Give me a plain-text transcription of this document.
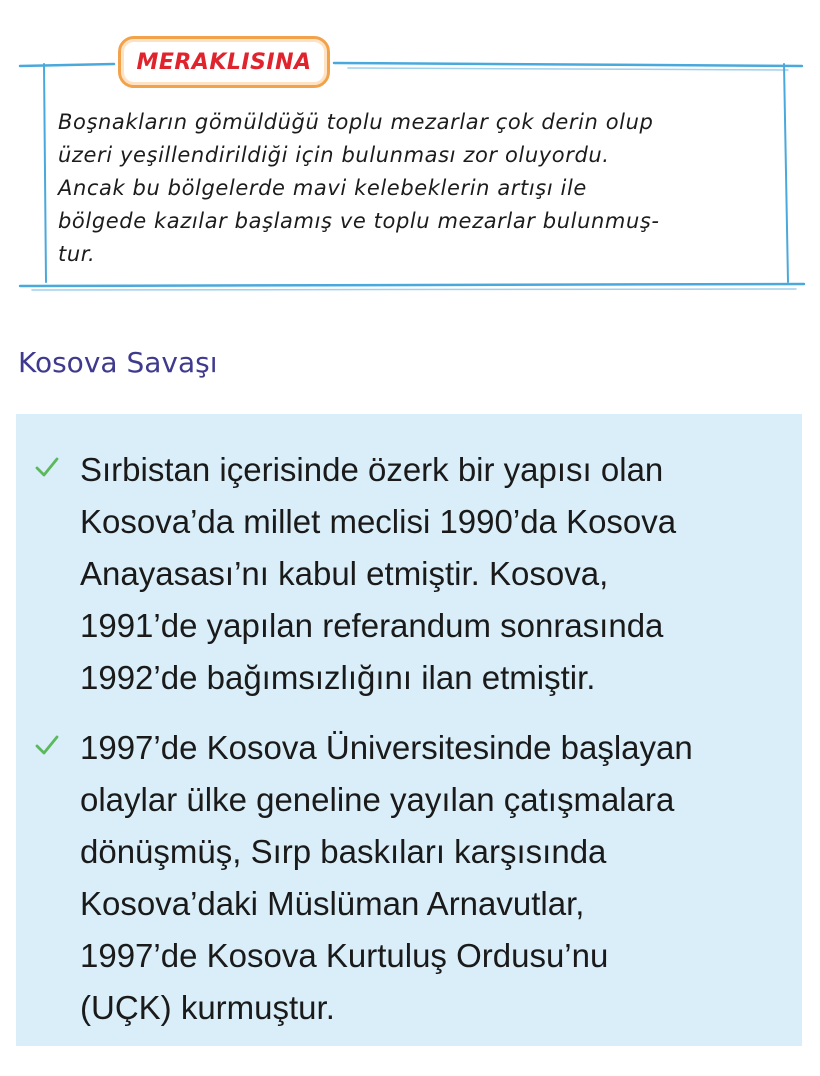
MERAKLISINA

Boşnakların gömüldüğü toplu mezarlar çok derin olup
üzeri yeşillendirildiği için bulunması zor oluyordu.
Ancak bu bölgelerde mavi kelebeklerin artışı ile
bölgede kazılar başlamış ve toplu mezarlar bulunmuş-
tur.

Kosova Savaşı

Sırbistan içerisinde özerk bir yapısı olan
Kosova’da millet meclisi 1990’da Kosova
Anayasası’nı kabul etmiştir. Kosova,
1991’de yapılan referandum sonrasında
1992’de bağımsızlığını ilan etmiştir.

1997’de Kosova Üniversitesinde başlayan
olaylar ülke geneline yayılan çatışmalara
dönüşmüş, Sırp baskıları karşısında
Kosova’daki Müslüman Arnavutlar,
1997’de Kosova Kurtuluş Ordusu’nu
(UÇK) kurmuştur.
